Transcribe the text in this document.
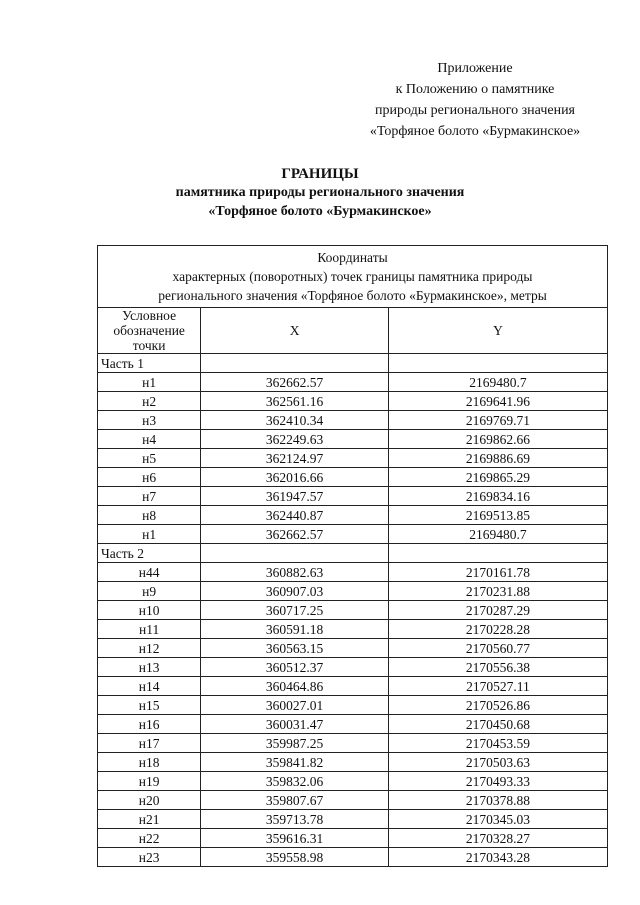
Приложение
к Положению о памятнике
природы регионального значения
«Торфяное болото «Бурмакинское»
ГРАНИЦЫ
памятника природы регионального значения
«Торфяное болото «Бурмакинское»
Координаты
характерных (поворотных) точек границы памятника природы
регионального значения «Торфяное болото «Бурмакинское», метры		

Условное
обозначение
точки	X	Y
Часть 1		
н1	362662.57	2169480.7
н2	362561.16	2169641.96
н3	362410.34	2169769.71
н4	362249.63	2169862.66
н5	362124.97	2169886.69
н6	362016.66	2169865.29
н7	361947.57	2169834.16
н8	362440.87	2169513.85
н1	362662.57	2169480.7
Часть 2		
н44	360882.63	2170161.78
н9	360907.03	2170231.88
н10	360717.25	2170287.29
н11	360591.18	2170228.28
н12	360563.15	2170560.77
н13	360512.37	2170556.38
н14	360464.86	2170527.11
н15	360027.01	2170526.86
н16	360031.47	2170450.68
н17	359987.25	2170453.59
н18	359841.82	2170503.63
н19	359832.06	2170493.33
н20	359807.67	2170378.88
н21	359713.78	2170345.03
н22	359616.31	2170328.27
н23	359558.98	2170343.28
